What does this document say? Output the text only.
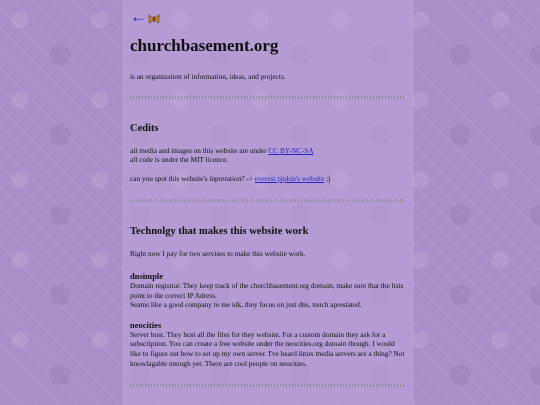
←
churchbasement.org

is an organization of information, ideas, and projects.

Cedits

all media and images on this website are under CC BY-NC-SA

all code is under the MIT licence.

can you spot this website's inpreration? -> everest pipkin's website ;)

Technolgy that makes this website work

Right now I pay for two servises to make this website work.

dnsimple

Domain registrar. They keep track of the churchbasement.org domain, make sure that the lists point to the correct IP Adress.

Seams like a good company to me idk, they focus on just dns, much apresiated.

neocities

Server host. They host all the files for they website. For a custom domain they ask for a subscription. You can create a free website under the neocities.org domain though. I would like to figure out how to set up my own server. I've heard linux media servers are a thing? Not knowlagable enough yet. There are cool people on neocities.
